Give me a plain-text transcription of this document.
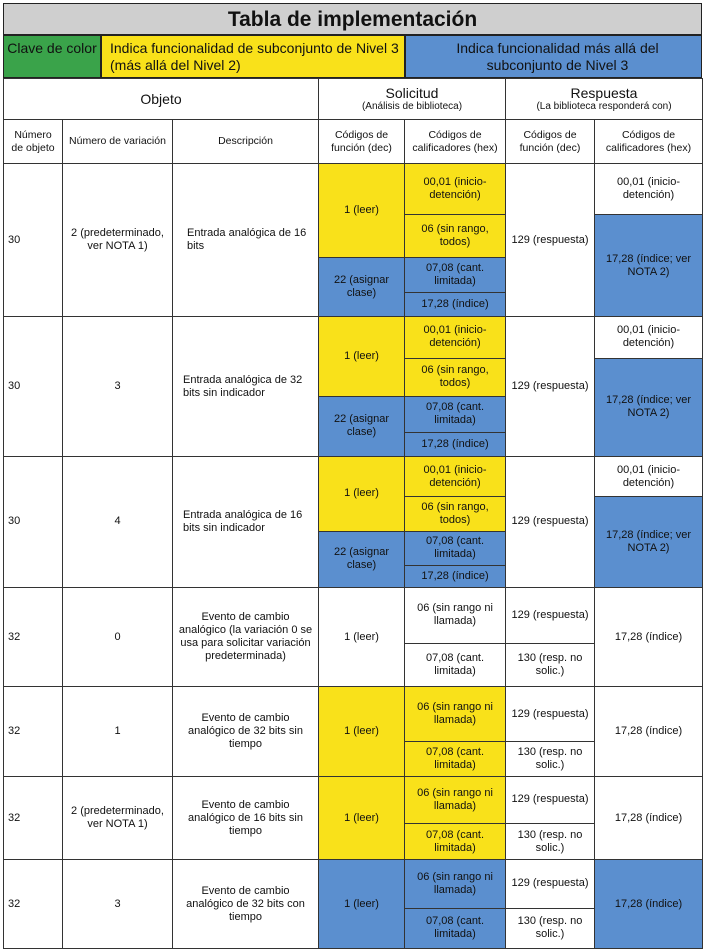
Tabla de implementación
Clave de color Indica funcionalidad de subconjunto de Nivel 3 (más allá del Nivel 2)
Indica funcionalidad más allá del subconjunto de Nivel 3
Objeto			Solicitud
(Análisis de biblioteca)		Respuesta
(La biblioteca responderá con)	

Número de objeto	Número de variación	Descripción	Códigos de función (dec)	Códigos de calificadores (hex)	Códigos de función (dec)	Códigos de calificadores (hex)
30	2 (predeterminado, ver NOTA 1)	Entrada analógica de 16 bits	1 (leer)	00,01 (inicio-detención)	129 (respuesta)	00,01 (inicio-detención)
				06 (sin rango, todos)		17,28 (índice; ver NOTA 2)
			22 (asignar clase)	07,08 (cant. limitada)		
				17,28 (índice)		
30	3	Entrada analógica de 32 bits sin indicador	1 (leer)	00,01 (inicio-detención)	129 (respuesta)	00,01 (inicio-detención)
				06 (sin rango, todos)		17,28 (índice; ver NOTA 2)
			22 (asignar clase)	07,08 (cant. limitada)		
				17,28 (índice)		
30	4	Entrada analógica de 16 bits sin indicador	1 (leer)	00,01 (inicio-detención)	129 (respuesta)	00,01 (inicio-detención)
				06 (sin rango, todos)		17,28 (índice; ver NOTA 2)
			22 (asignar clase)	07,08 (cant. limitada)		
				17,28 (índice)		
32	0	Evento de cambio analógico (la variación 0 se usa para solicitar variación predeterminada)	1 (leer)	06 (sin rango ni llamada)	129 (respuesta)	17,28 (índice)
				07,08 (cant. limitada)	130 (resp. no solic.)	
32	1	Evento de cambio analógico de 32 bits sin tiempo	1 (leer)	06 (sin rango ni llamada)	129 (respuesta)	17,28 (índice)
				07,08 (cant. limitada)	130 (resp. no solic.)	
32	2 (predeterminado, ver NOTA 1)	Evento de cambio analógico de 16 bits sin tiempo	1 (leer)	06 (sin rango ni llamada)	129 (respuesta)	17,28 (índice)
				07,08 (cant. limitada)	130 (resp. no solic.)	
32	3	Evento de cambio analógico de 32 bits con tiempo	1 (leer)	06 (sin rango ni llamada)	129 (respuesta)	17,28 (índice)
				07,08 (cant. limitada)	130 (resp. no solic.)	
